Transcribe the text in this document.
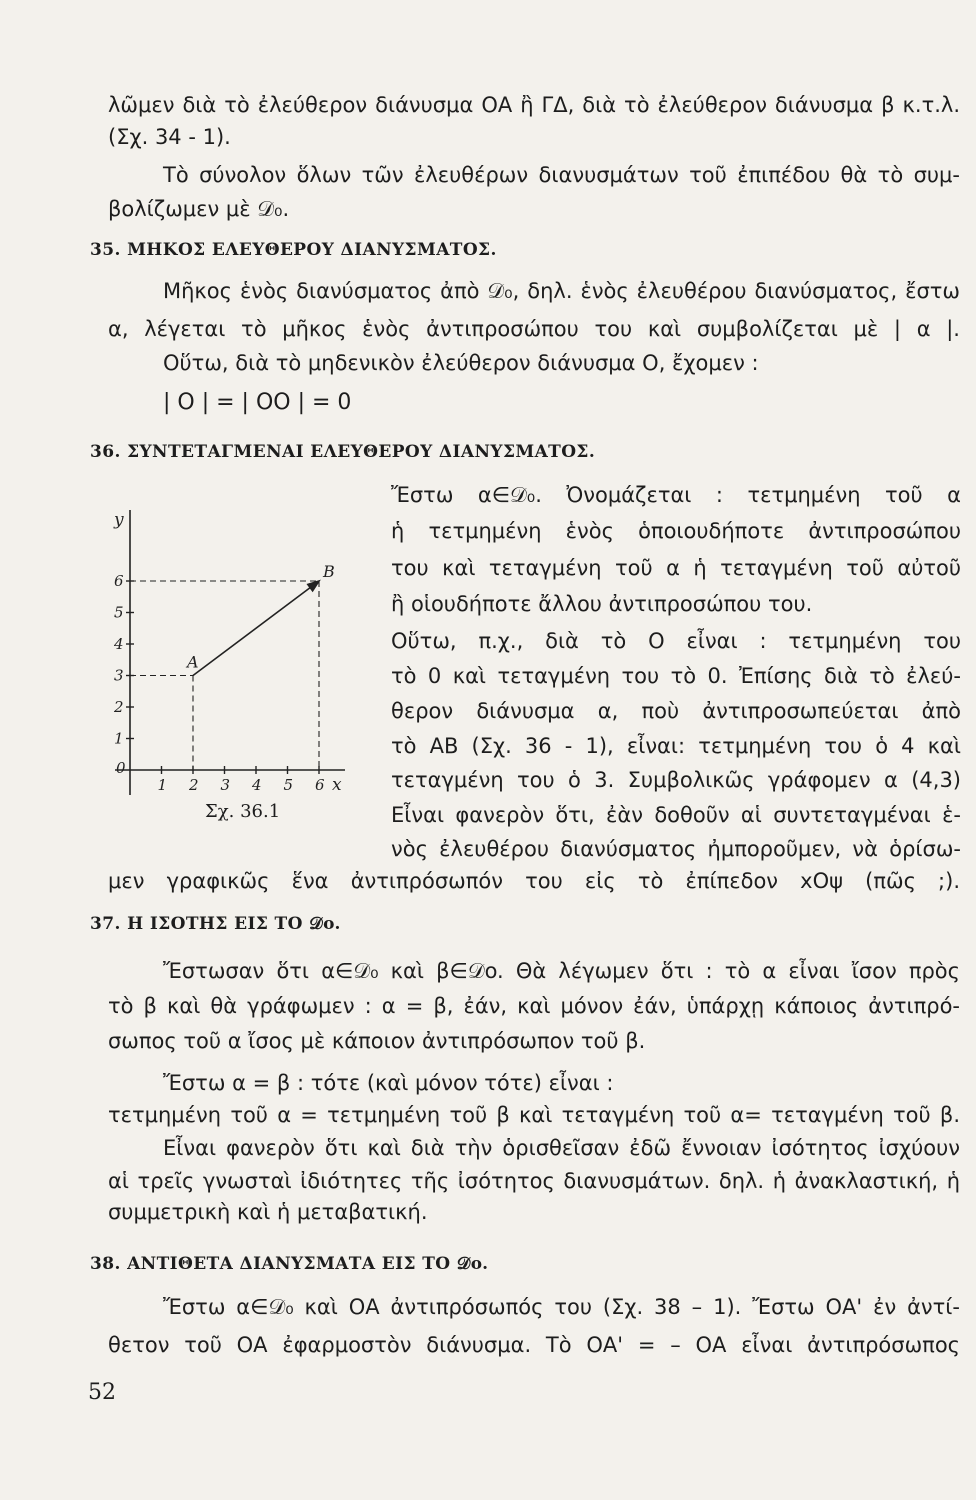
λῶμεν διὰ τὸ ἐλεύθερον διάνυσμα ΟΑ ἢ ΓΔ, διὰ τὸ ἐλεύθερον διάνυσμα β κ.τ.λ.
(Σχ. 34 - 1).
Τὸ σύνολον ὅλων τῶν ἐλευθέρων διανυσμάτων τοῦ ἐπιπέδου θὰ τὸ συμ-
βολίζωμεν μὲ 𝒟₀.
35. ΜΗΚΟΣ ΕΛΕΥΘΕΡΟΥ ΔΙΑΝΥΣΜΑΤΟΣ.
Μῆκος ἑνὸς διανύσματος ἀπὸ 𝒟₀, δηλ. ἑνὸς ἐλευθέρου διανύσματος, ἔστω
α, λέγεται τὸ μῆκος ἑνὸς ἀντιπροσώπου του καὶ συμβολίζεται μὲ | α |.
Οὕτω, διὰ τὸ μηδενικὸν ἐλεύθερον διάνυσμα Ο, ἔχομεν :
| Ο | = | ΟΟ | = 0
36. ΣΥΝΤΕΤΑΓΜΕΝΑΙ ΕΛΕΥΘΕΡΟΥ ΔΙΑΝΥΣΜΑΤΟΣ.
1 2 3 4 5 6
1
2
3
4
5
6
y
x
0
A
B
Σχ. 36.1
Ἔστω α∈𝒟₀. Ὀνομάζεται : τετμημένη τοῦ α
ἡ τετμημένη ἑνὸς ὁποιουδήποτε ἀντιπροσώπου
του καὶ τεταγμένη τοῦ α ἡ τεταγμένη τοῦ αὐτοῦ
ἢ οἱουδήποτε ἄλλου ἀντιπροσώπου του.
Οὕτω, π.χ., διὰ τὸ Ο εἶναι : τετμημένη του
τὸ 0 καὶ τεταγμένη του τὸ 0. Ἐπίσης διὰ τὸ ἐλεύ-
θερον διάνυσμα α, ποὺ ἀντιπροσωπεύεται ἀπὸ
τὸ ΑΒ (Σχ. 36 - 1), εἶναι: τετμημένη του ὁ 4 καὶ
τεταγμένη του ὁ 3. Συμβολικῶς γράφομεν α (4,3)
Εἶναι φανερὸν ὅτι, ἐὰν δοθοῦν αἱ συντεταγμέναι ἑ-
νὸς ἐλευθέρου διανύσματος ἠμποροῦμεν, νὰ ὁρίσω-
μεν γραφικῶς ἕνα ἀντιπρόσωπόν του εἰς τὸ ἐπίπεδον xOψ (πῶς ;).
37. Η ΙΣΟΤΗΣ ΕΙΣ ΤΟ 𝒟o.
Ἔστωσαν ὅτι α∈𝒟₀ καὶ β∈𝒟o. Θὰ λέγωμεν ὅτι : τὸ α εἶναι ἴσον πρὸς
τὸ β καὶ θὰ γράφωμεν : α = β, ἐάν, καὶ μόνον ἐάν, ὑπάρχῃ κάποιος ἀντιπρό-
σωπος τοῦ α ἴσος μὲ κάποιον ἀντιπρόσωπον τοῦ β.
Ἔστω α = β : τότε (καὶ μόνον τότε) εἶναι :
τετμημένη τοῦ α = τετμημένη τοῦ β καὶ τεταγμένη τοῦ α= τεταγμένη τοῦ β.
Εἶναι φανερὸν ὅτι καὶ διὰ τὴν ὁρισθεῖσαν ἐδῶ ἔννοιαν ἰσότητος ἰσχύουν
αἱ τρεῖς γνωσταὶ ἰδιότητες τῆς ἰσότητος διανυσμάτων. δηλ. ἡ ἀνακλαστική, ἡ
συμμετρικὴ καὶ ἡ μεταβατική.
38. ΑΝΤΙΘΕΤΑ ΔΙΑΝΥΣΜΑΤΑ ΕΙΣ ΤΟ 𝒟o.
Ἔστω α∈𝒟₀ καὶ ΟΑ ἀντιπρόσωπός του (Σχ. 38 – 1). Ἔστω ΟΑ' ἐν ἀντί-
θετον τοῦ ΟΑ ἐφαρμοστὸν διάνυσμα. Τὸ ΟΑ' = – ΟΑ εἶναι ἀντιπρόσωπος
52
